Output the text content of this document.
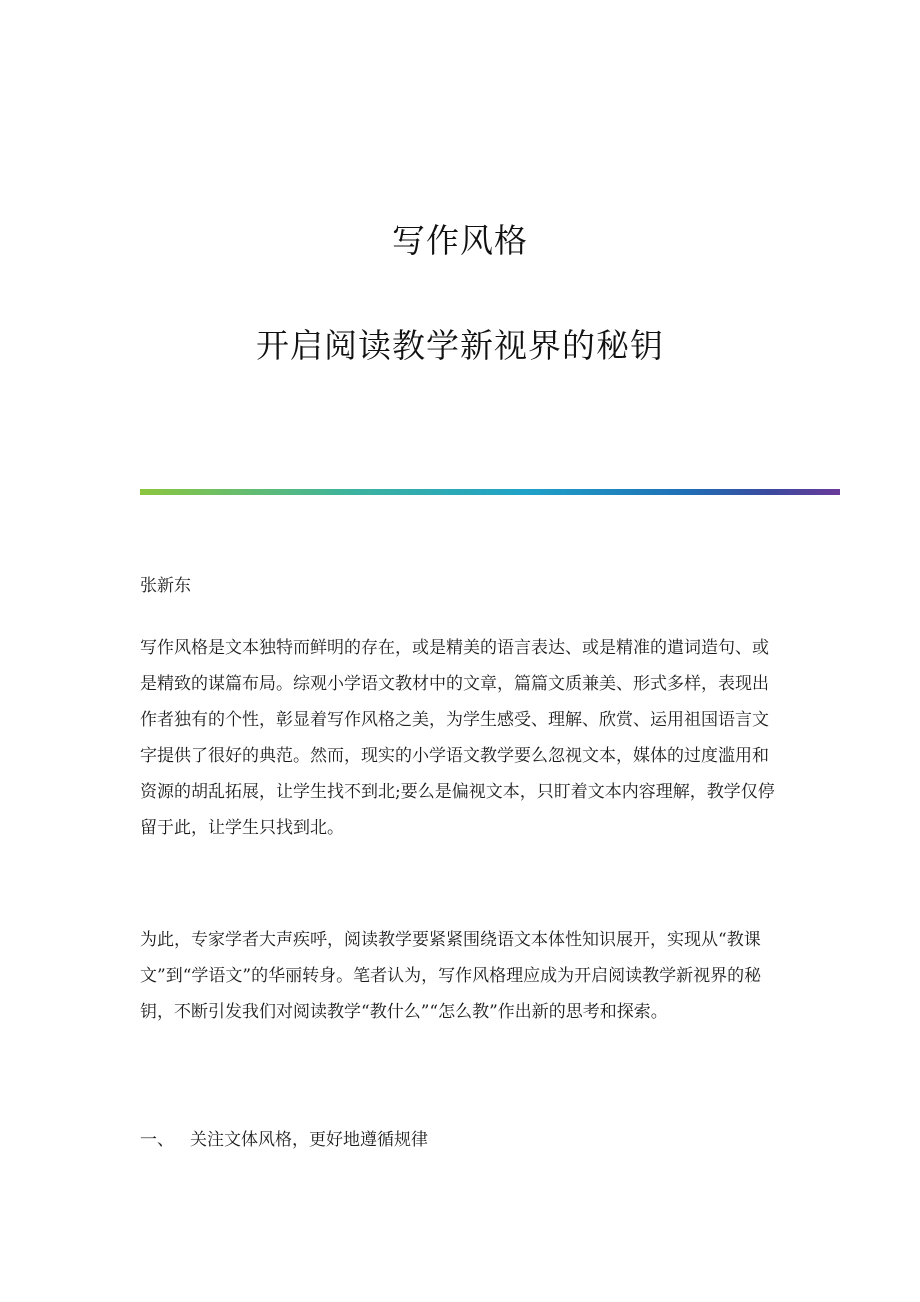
写作风格
开启阅读教学新视界的秘钥
张新东

写作风格是文本独特而鲜明的存在，或是精美的语言表达、或是精准的遣词造句、或是精致的谋篇布局。综观小学语文教材中的文章，篇篇文质兼美、形式多样，表现出作者独有的个性，彰显着写作风格之美，为学生感受、理解、欣赏、运用祖国语言文字提供了很好的典范。然而，现实的小学语文教学要么忽视文本，媒体的过度滥用和资源的胡乱拓展，让学生找不到北;要么是偏视文本，只盯着文本内容理解，教学仅停留于此，让学生只找到北。

为此，专家学者大声疾呼，阅读教学要紧紧围绕语文本体性知识展开，实现从“教课文”到“学语文”的华丽转身。笔者认为，写作风格理应成为开启阅读教学新视界的秘钥，不断引发我们对阅读教学“教什么”“怎么教”作出新的思考和探索。

一、 关注文体风格，更好地遵循规律
